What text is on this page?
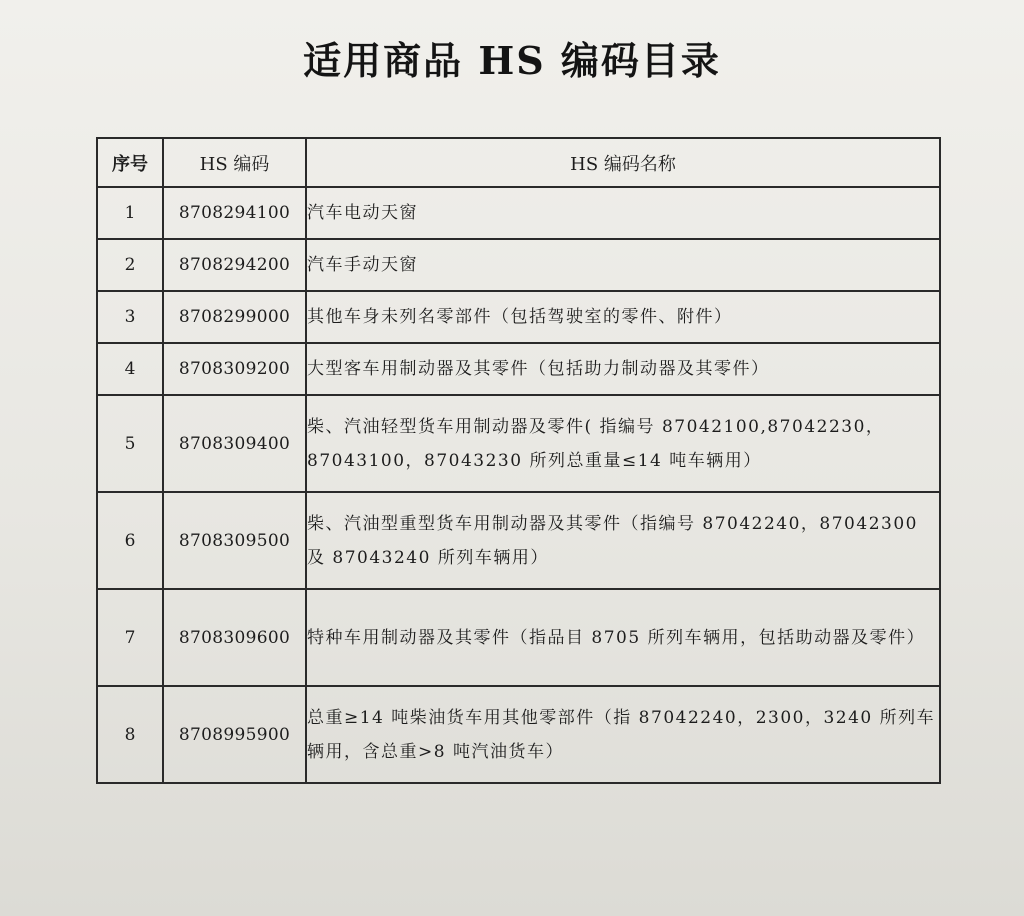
适用商品 HS 编码目录
序号	HS 编码	HS 编码名称
1	8708294100	汽车电动天窗
2	8708294200	汽车手动天窗
3	8708299000	其他车身未列名零部件（包括驾驶室的零件、附件）
4	8708309200	大型客车用制动器及其零件（包括助力制动器及其零件）
5	8708309400	柴、汽油轻型货车用制动器及零件( 指编号 87042100,87042230，87043100，87043230 所列总重量≤14 吨车辆用）
6	8708309500	柴、汽油型重型货车用制动器及其零件（指编号 87042240，87042300 及 87043240 所列车辆用）
7	8708309600	特种车用制动器及其零件（指品目 8705 所列车辆用，包括助动器及零件）
8	8708995900	总重≥14 吨柴油货车用其他零部件（指 87042240，2300，3240 所列车辆用，含总重>8 吨汽油货车）
